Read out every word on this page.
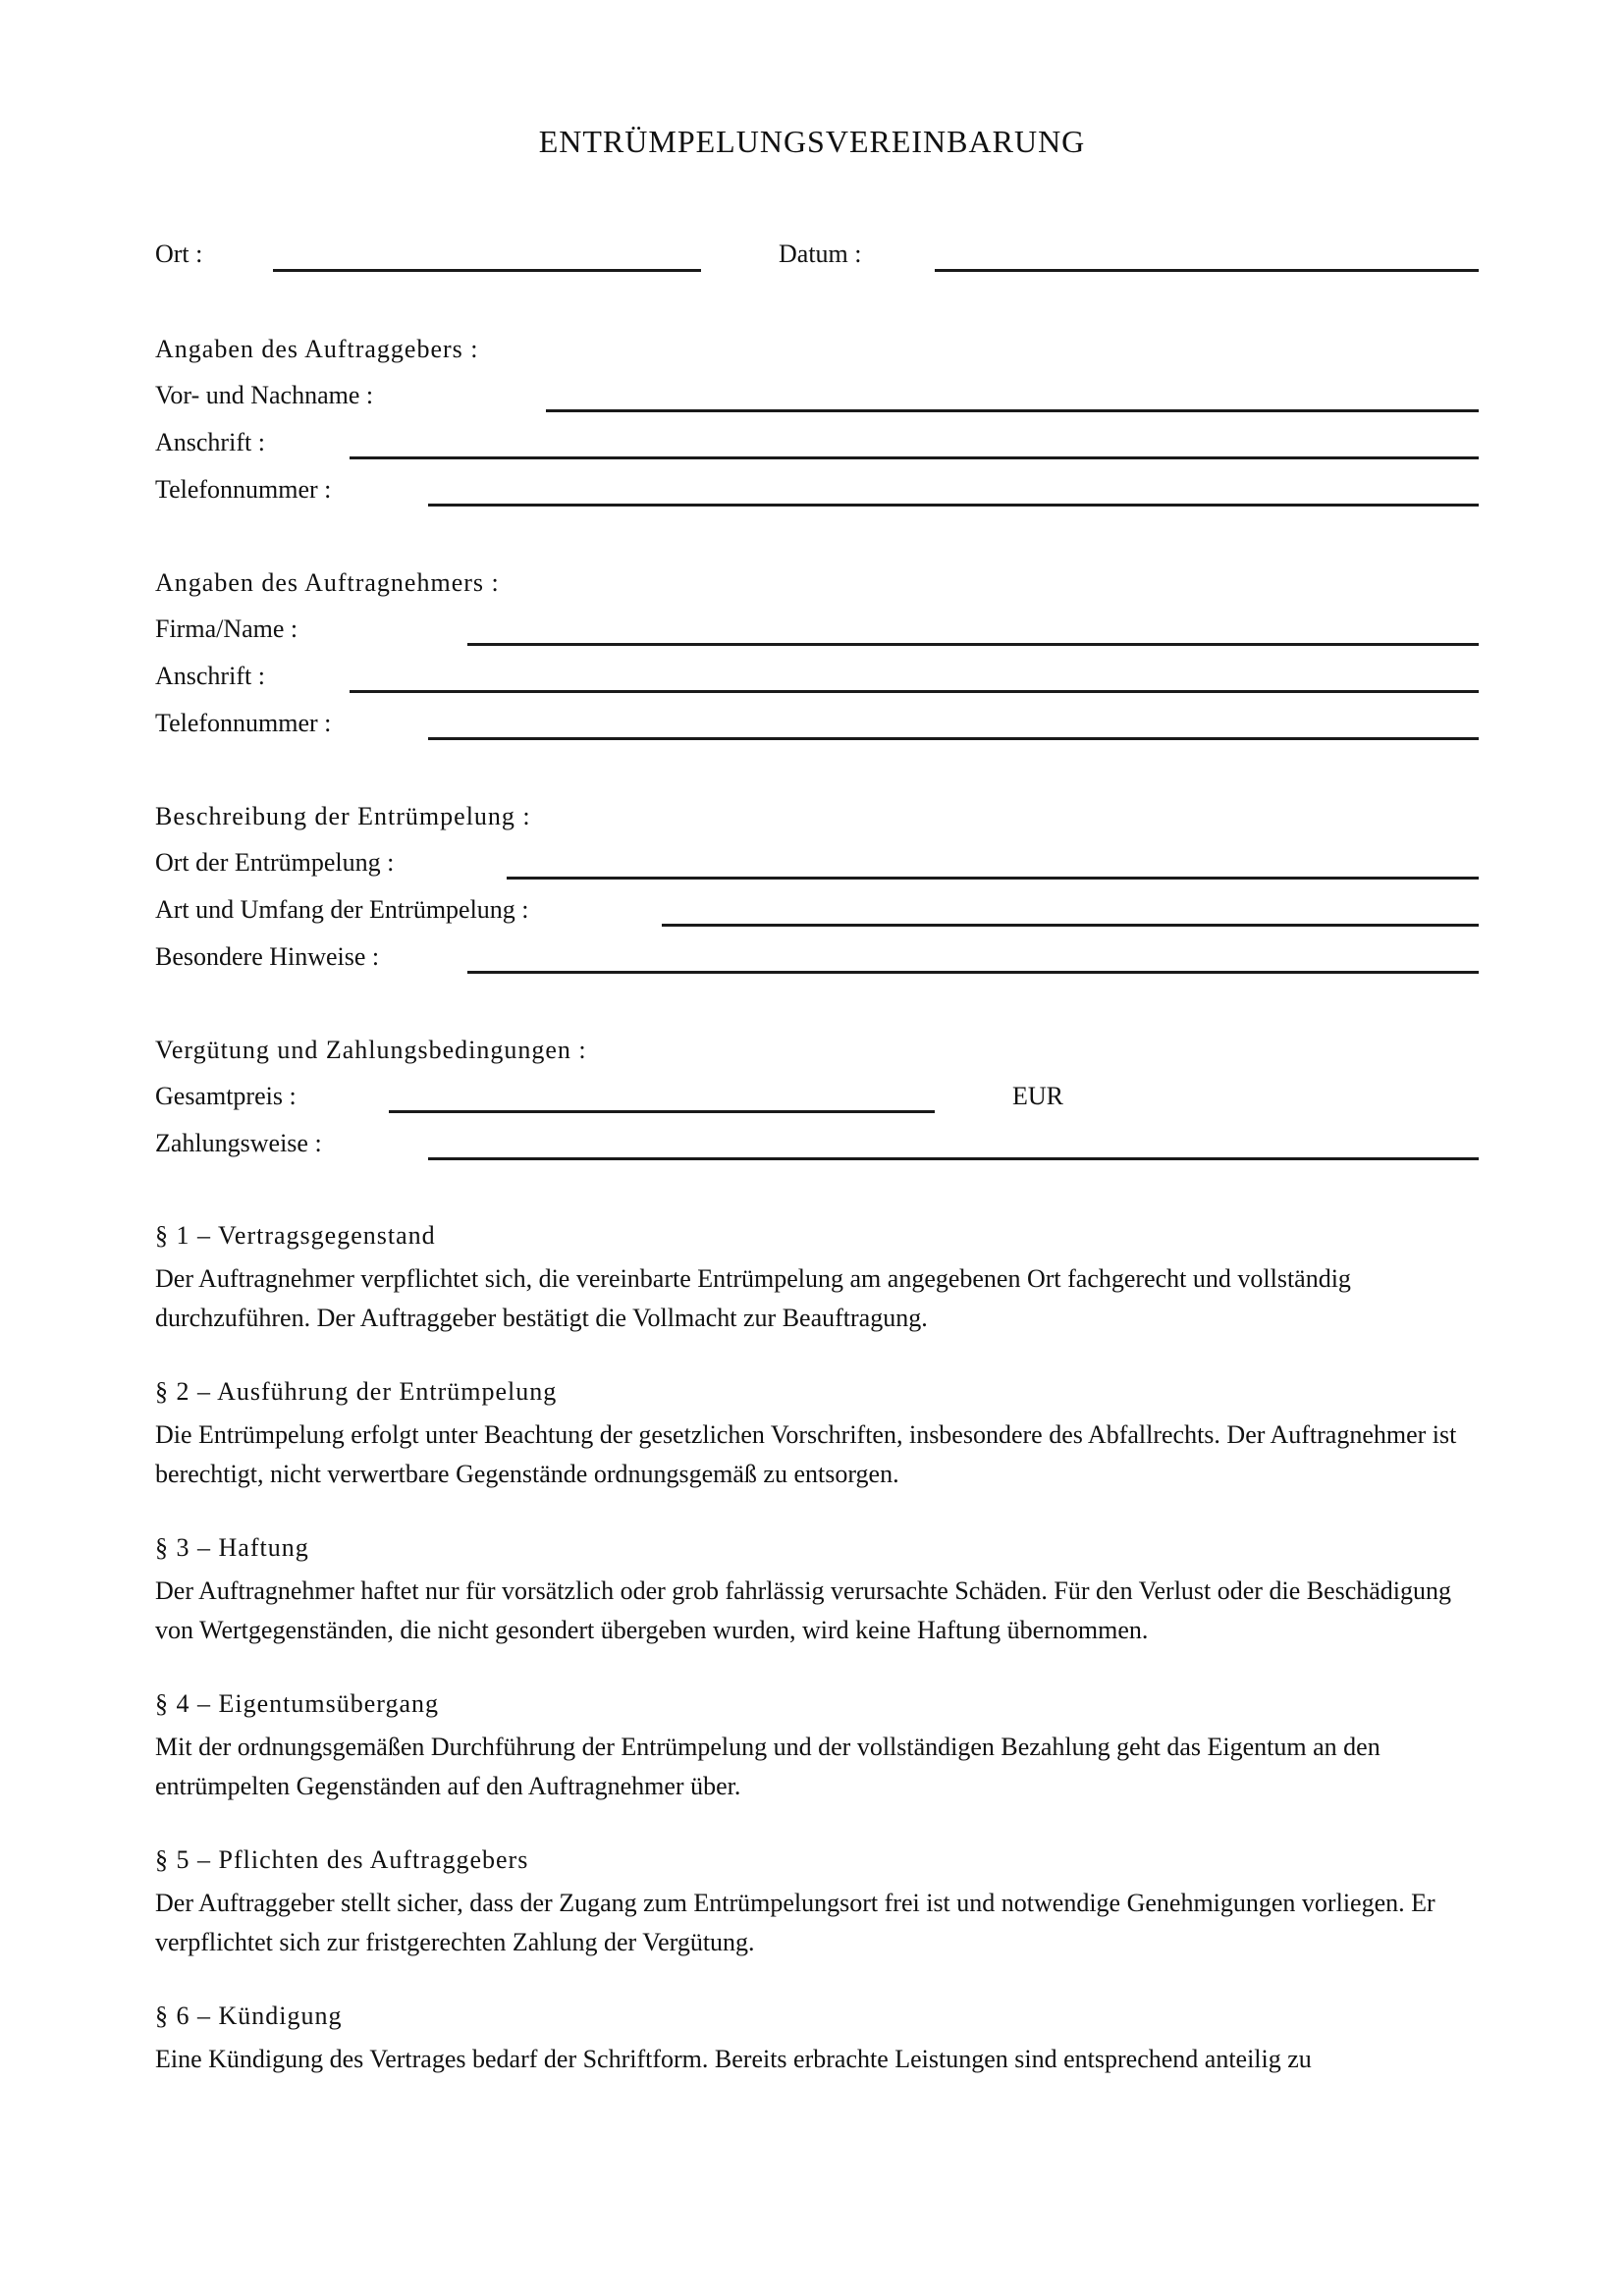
ENTRÜMPELUNGSVEREINBARUNG
Ort :	Datum :
Angaben des Auftraggebers :
Vor- und Nachname :
Anschrift :
Telefonnummer :
Angaben des Auftragnehmers :
Firma/Name :
Anschrift :
Telefonnummer :
Beschreibung der Entrümpelung :
Ort der Entrümpelung :
Art und Umfang der Entrümpelung :
Besondere Hinweise :
Vergütung und Zahlungsbedingungen :
Gesamtpreis :	EUR
Zahlungsweise :
§ 1 – Vertragsgegenstand
Der Auftragnehmer verpflichtet sich, die vereinbarte Entrümpelung am angegebenen Ort fachgerecht und vollständig durchzuführen. Der Auftraggeber bestätigt die Vollmacht zur Beauftragung.
§ 2 – Ausführung der Entrümpelung
Die Entrümpelung erfolgt unter Beachtung der gesetzlichen Vorschriften, insbesondere des Abfallrechts. Der Auftragnehmer ist berechtigt, nicht verwertbare Gegenstände ordnungsgemäß zu entsorgen.
§ 3 – Haftung
Der Auftragnehmer haftet nur für vorsätzlich oder grob fahrlässig verursachte Schäden. Für den Verlust oder die Beschädigung von Wertgegenständen, die nicht gesondert übergeben wurden, wird keine Haftung übernommen.
§ 4 – Eigentumsübergang
Mit der ordnungsgemäßen Durchführung der Entrümpelung und der vollständigen Bezahlung geht das Eigentum an den entrümpelten Gegenständen auf den Auftragnehmer über.
§ 5 – Pflichten des Auftraggebers
Der Auftraggeber stellt sicher, dass der Zugang zum Entrümpelungsort frei ist und notwendige Genehmigungen vorliegen. Er verpflichtet sich zur fristgerechten Zahlung der Vergütung.
§ 6 – Kündigung
Eine Kündigung des Vertrages bedarf der Schriftform. Bereits erbrachte Leistungen sind entsprechend anteilig zu
